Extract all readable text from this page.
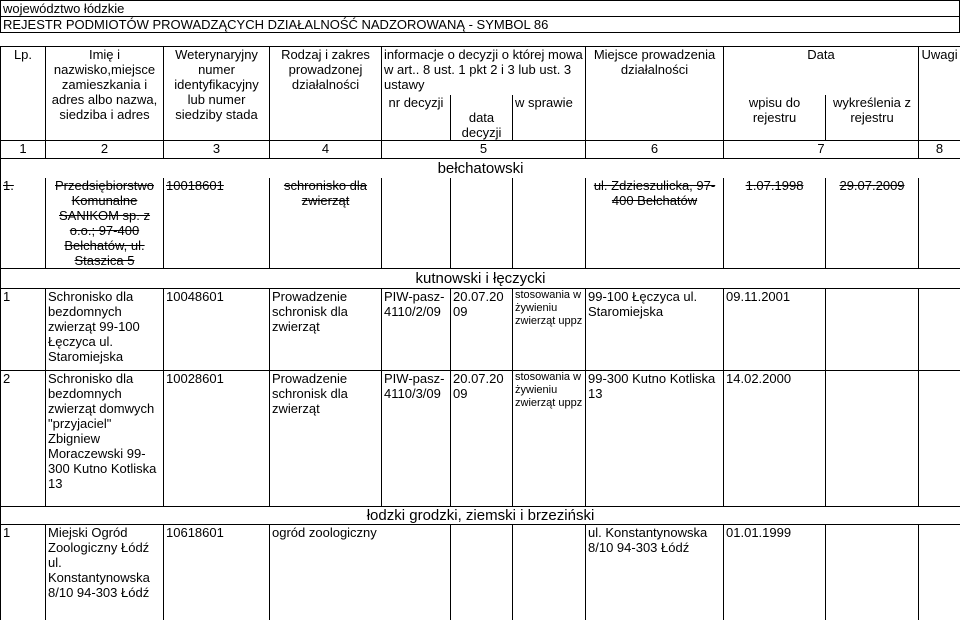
województwo łódzkie
REJESTR PODMIOTÓW PROWADZĄCYCH DZIAŁALNOŚĆ NADZOROWANĄ - SYMBOL 86
Lp.	Imię i nazwisko,miejsce zamieszkania i adres albo nazwa, siedziba i adres	Weterynaryjny numer identyfikacyjny lub numer siedziby stada	Rodzaj i zakres prowadzonej działalności	informacje o decyzji o której mowa w art.. 8 ust. 1 pkt 2 i 3 lub ust. 3 ustawy			Miejsce prowadzenia działalności	Data		Uwagi
				nr decyzji	data decyzji	w sprawie		wpisu do rejestru	wykreślenia z rejestru	
1	2	3	4	5			6	7		8
bełchatowski										
1.	Przedsiębiorstwo Komunalne SANIKOM sp. z o.o.; 97-400 Bełchatów, ul. Staszica 5	10018601	schronisko dla zwierząt				ul. Zdzieszulicka, 97-400 Bełchatów	1.07.1998	29.07.2009	
kutnowski i łęczycki										
1	Schronisko dla bezdomnych zwierząt 99-100 Łęczyca ul. Staromiejska	10048601	Prowadzenie schronisk dla zwierząt	PIW-pasz-4110/2/09	20.07.20 09	stosowania w żywieniu zwierząt uppz	99-100 Łęczyca ul. Staromiejska	09.11.2001		
2	Schronisko dla bezdomnych zwierząt domwych "przyjaciel" Zbigniew Moraczewski 99-300 Kutno Kotliska 13	10028601	Prowadzenie schronisk dla zwierząt	PIW-pasz-4110/3/09	20.07.20 09	stosowania w żywieniu zwierząt uppz	99-300 Kutno Kotliska 13	14.02.2000		
łodzki grodzki, ziemski i brzeziński										
1	Miejski Ogród Zoologiczny Łódź ul. Konstantynowska 8/10 94-303 Łódź	10618601	ogród zoologiczny				ul. Konstantynowska 8/10 94-303 Łódź	01.01.1999		
